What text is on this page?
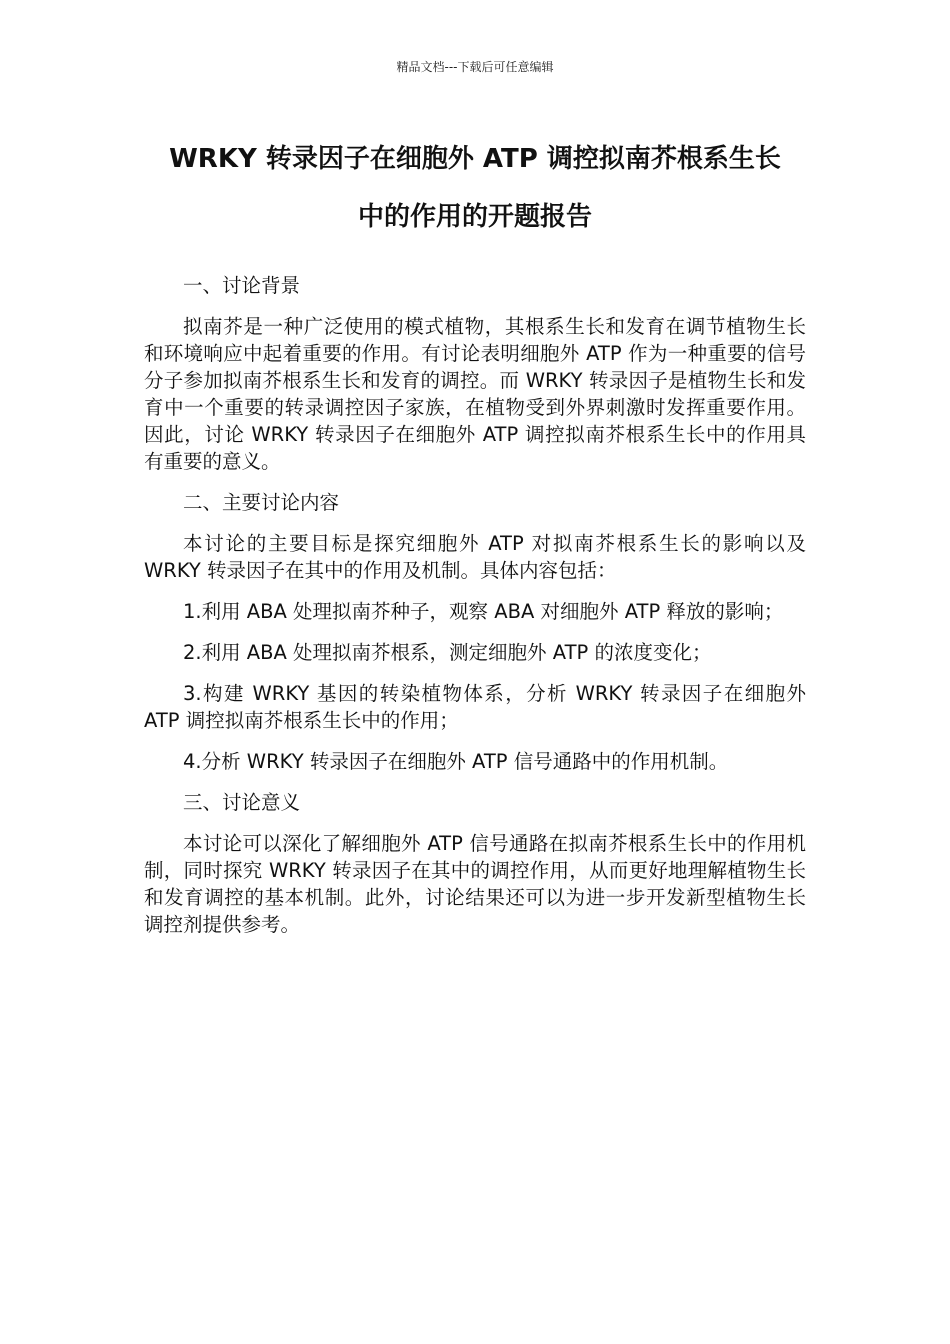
精品文档---下载后可任意编辑
WRKY 转录因子在细胞外 ATP 调控拟南芥根系生长
中的作用的开题报告

一、讨论背景

拟南芥是一种广泛使用的模式植物，其根系生长和发育在调节植物生长和环境响应中起着重要的作用。有讨论表明细胞外 ATP 作为一种重要的信号分子参加拟南芥根系生长和发育的调控。而 WRKY 转录因子是植物生长和发育中一个重要的转录调控因子家族，在植物受到外界刺激时发挥重要作用。因此，讨论 WRKY 转录因子在细胞外 ATP 调控拟南芥根系生长中的作用具有重要的意义。

二、主要讨论内容

本讨论的主要目标是探究细胞外 ATP 对拟南芥根系生长的影响以及 WRKY 转录因子在其中的作用及机制。具体内容包括：

1.利用 ABA 处理拟南芥种子，观察 ABA 对细胞外 ATP 释放的影响；

2.利用 ABA 处理拟南芥根系，测定细胞外 ATP 的浓度变化；

3.构建 WRKY 基因的转染植物体系，分析 WRKY 转录因子在细胞外 ATP 调控拟南芥根系生长中的作用；

4.分析 WRKY 转录因子在细胞外 ATP 信号通路中的作用机制。

三、讨论意义

本讨论可以深化了解细胞外 ATP 信号通路在拟南芥根系生长中的作用机制，同时探究 WRKY 转录因子在其中的调控作用，从而更好地理解植物生长和发育调控的基本机制。此外，讨论结果还可以为进一步开发新型植物生长调控剂提供参考。
